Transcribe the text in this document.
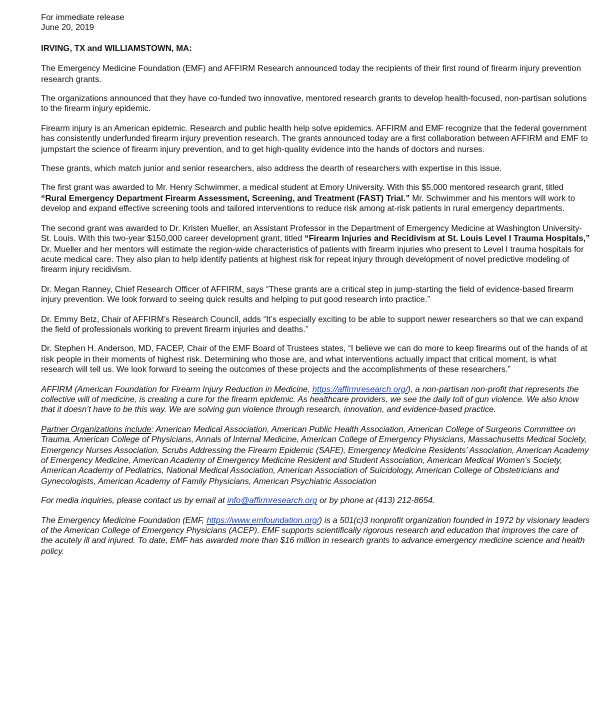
For immediate release
June 20, 2019
IRVING, TX and WILLIAMSTOWN, MA:

The Emergency Medicine Foundation (EMF) and AFFIRM Research announced today the recipients of their first round of firearm injury prevention research grants.

The organizations announced that they have co-funded two innovative, mentored research grants to develop health-focused, non-partisan solutions to the firearm injury epidemic.

Firearm injury is an American epidemic. Research and public health help solve epidemics. AFFIRM and EMF recognize that the federal government has consistently underfunded firearm injury prevention research. The grants announced today are a first collaboration between AFFIRM and EMF to jumpstart the science of firearm injury prevention, and to get high-quality evidence into the hands of doctors and nurses.

These grants, which match junior and senior researchers, also address the dearth of researchers with expertise in this issue.

The first grant was awarded to Mr. Henry Schwimmer, a medical student at Emory University. With this $5,000 mentored research grant, titled “Rural Emergency Department Firearm Assessment, Screening, and Treatment (FAST) Trial.” Mr. Schwimmer and his mentors will work to develop and expand effective screening tools and tailored interventions to reduce risk among at-risk patients in rural emergency departments.

The second grant was awarded to Dr. Kristen Mueller, an Assistant Professor in the Department of Emergency Medicine at Washington University-St. Louis. With this two-year $150,000 career development grant, titled “Firearm Injuries and Recidivism at St. Louis Level I Trauma Hospitals,” Dr. Mueller and her mentors will estimate the region-wide characteristics of patients with firearm injuries who present to Level I trauma hospitals for acute medical care. They also plan to help identify patients at highest risk for repeat injury through development of novel predictive modeling of firearm injury recidivism.

Dr. Megan Ranney, Chief Research Officer of AFFIRM, says “These grants are a critical step in jump-starting the field of evidence-based firearm injury prevention. We look forward to seeing quick results and helping to put good research into practice.”

Dr. Emmy Betz, Chair of AFFIRM’s Research Council, adds “It’s especially exciting to be able to support newer researchers so that we can expand the field of professionals working to prevent firearm injuries and deaths.”

Dr. Stephen H. Anderson, MD, FACEP, Chair of the EMF Board of Trustees states, “I believe we can do more to keep firearms out of the hands of at risk people in their moments of highest risk. Determining who those are, and what interventions actually impact that critical moment, is what research will tell us. We look forward to seeing the outcomes of these projects and the accomplishments of these researchers.”

AFFIRM (American Foundation for Firearm Injury Reduction in Medicine, https://affirmresearch.org/), a non-partisan non-profit that represents the collective will of medicine, is creating a cure for the firearm epidemic. As healthcare providers, we see the daily toll of gun violence. We also know that it doesn’t have to be this way. We are solving gun violence through research, innovation, and evidence-based practice.

Partner Organizations include: American Medical Association, American Public Health Association, American College of Surgeons Committee on Trauma, American College of Physicians, Annals of Internal Medicine, American College of Emergency Physicians, Massachusetts Medical Society, Emergency Nurses Association, Scrubs Addressing the Firearm Epidemic (SAFE), Emergency Medicine Residents’ Association, American Academy of Emergency Medicine, American Academy of Emergency Medicine Resident and Student Association, American Medical Women’s Society, American Academy of Pediatrics, National Medical Association, American Association of Suicidology, American College of Obstetricians and Gynecologists, American Academy of Family Physicians, American Psychiatric Association

For media inquiries, please contact us by email at info@affirmresearch.org or by phone at (413) 212-8654.

The Emergency Medicine Foundation (EMF, https://www.emfoundation.org/) is a 501(c)3 nonprofit organization founded in 1972 by visionary leaders of the American College of Emergency Physicians (ACEP). EMF supports scientifically rigorous research and education that improves the care of the acutely ill and injured. To date, EMF has awarded more than $16 million in research grants to advance emergency medicine science and health policy.
